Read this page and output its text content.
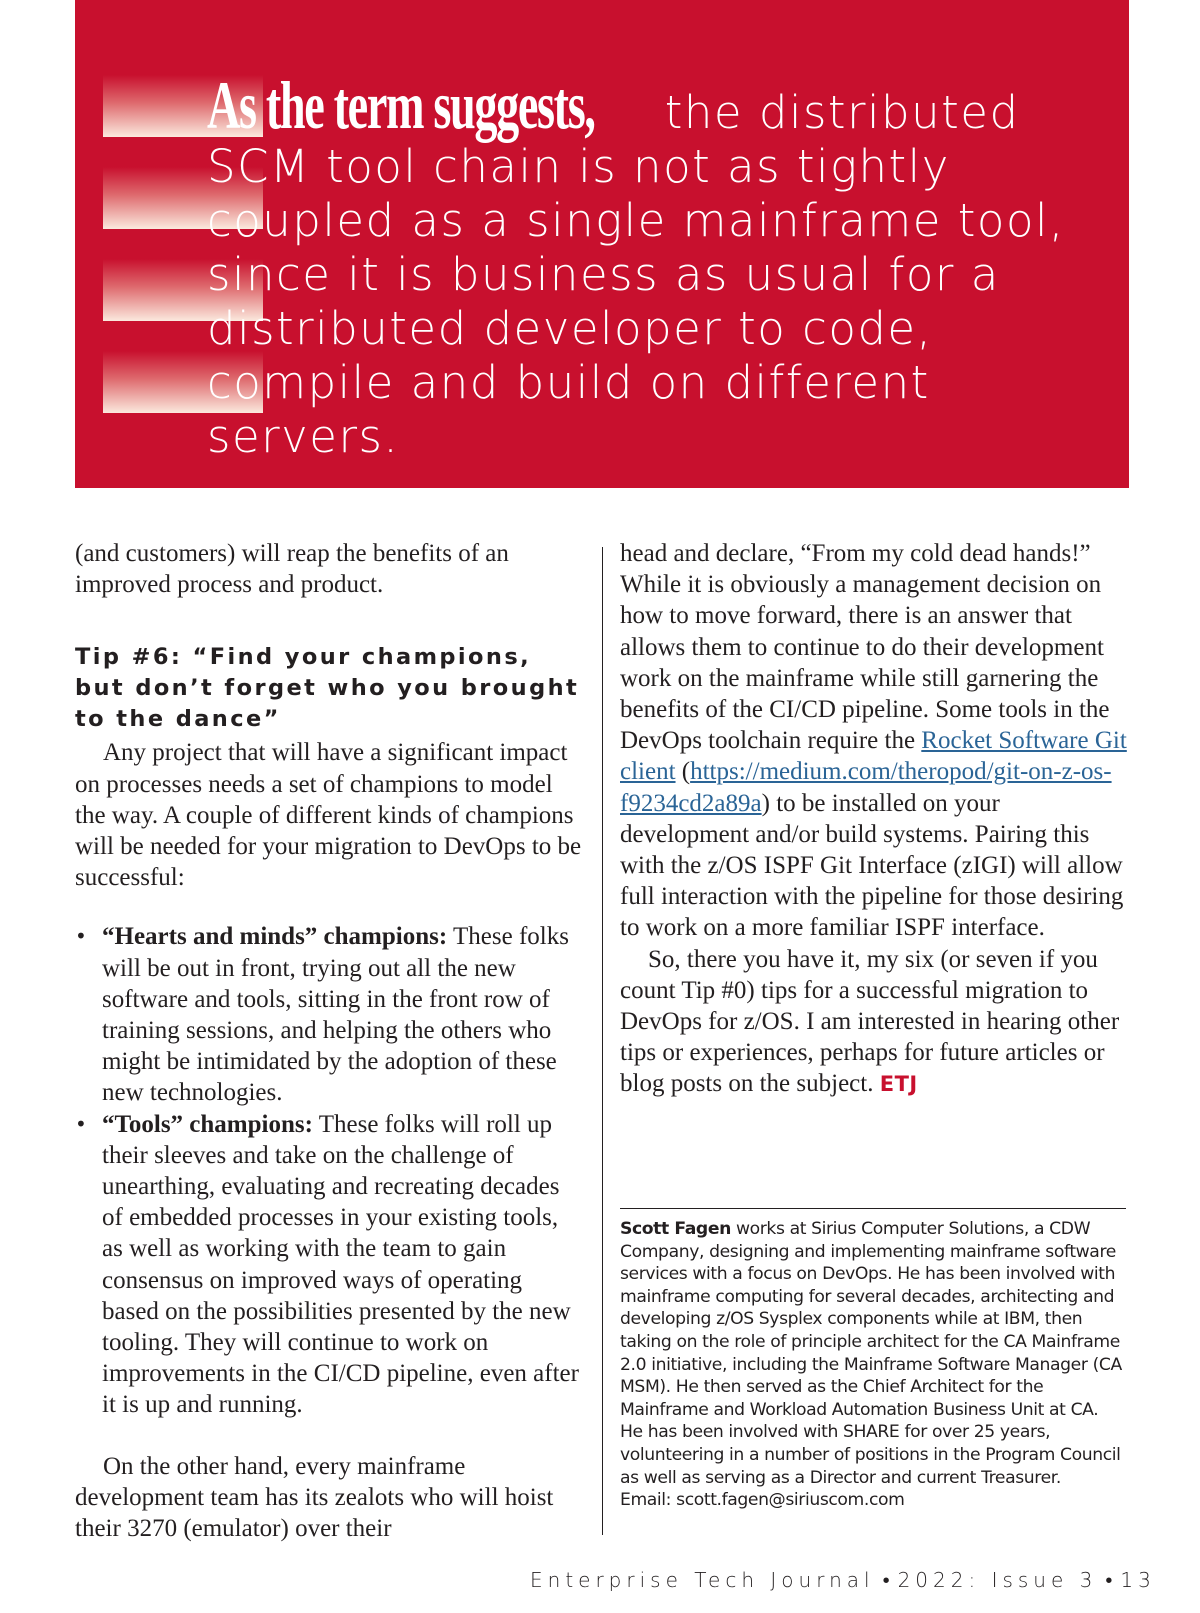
As the term suggests, the distributed SCM tool chain is not as tightly coupled as a single mainframe tool, since it is business as usual for a distributed developer to code, compile and build on different servers.

(and customers) will reap the benefits of an improved process and product.

Tip #6: “Find your champions, but don’t forget who you brought to the dance”

Any project that will have a significant impact on processes needs a set of champions to model the way. A couple of different kinds of champions will be needed for your migration to DevOps to be successful:

• “Hearts and minds” champions: These folks will be out in front, trying out all the new software and tools, sitting in the front row of training sessions, and helping the others who might be intimidated by the adoption of these new technologies.
• “Tools” champions: These folks will roll up their sleeves and take on the challenge of unearthing, evaluating and recreating decades of embedded processes in your existing tools, as well as working with the team to gain consensus on improved ways of operating based on the possibilities presented by the new tooling. They will continue to work on improvements in the CI/CD pipeline, even after it is up and running.

On the other hand, every mainframe development team has its zealots who will hoist their 3270 (emulator) over their

head and declare, “From my cold dead hands!” While it is obviously a management decision on how to move forward, there is an answer that allows them to continue to do their development work on the mainframe while still garnering the benefits of the CI/CD pipeline. Some tools in the DevOps toolchain require the Rocket Software Git client (https://medium.com/theropod/git-on-z-os-f9234cd2a89a) to be installed on your development and/or build systems. Pairing this with the z/OS ISPF Git Interface (zIGI) will allow full interaction with the pipeline for those desiring to work on a more familiar ISPF interface.

So, there you have it, my six (or seven if you count Tip #0) tips for a successful migration to DevOps for z/OS. I am interested in hearing other tips or experiences, perhaps for future articles or blog posts on the subject. ETJ

Scott Fagen works at Sirius Computer Solutions, a CDW Company, designing and implementing mainframe software services with a focus on DevOps. He has been involved with mainframe computing for several decades, architecting and developing z/OS Sysplex components while at IBM, then taking on the role of principle architect for the CA Mainframe 2.0 initiative, including the Mainframe Software Manager (CA MSM). He then served as the Chief Architect for the Mainframe and Workload Automation Business Unit at CA. He has been involved with SHARE for over 25 years, volunteering in a number of positions in the Program Council as well as serving as a Director and current Treasurer.
Email: scott.fagen@siriuscom.com

Enterprise Tech Journal • 2022: Issue 3 • 13
